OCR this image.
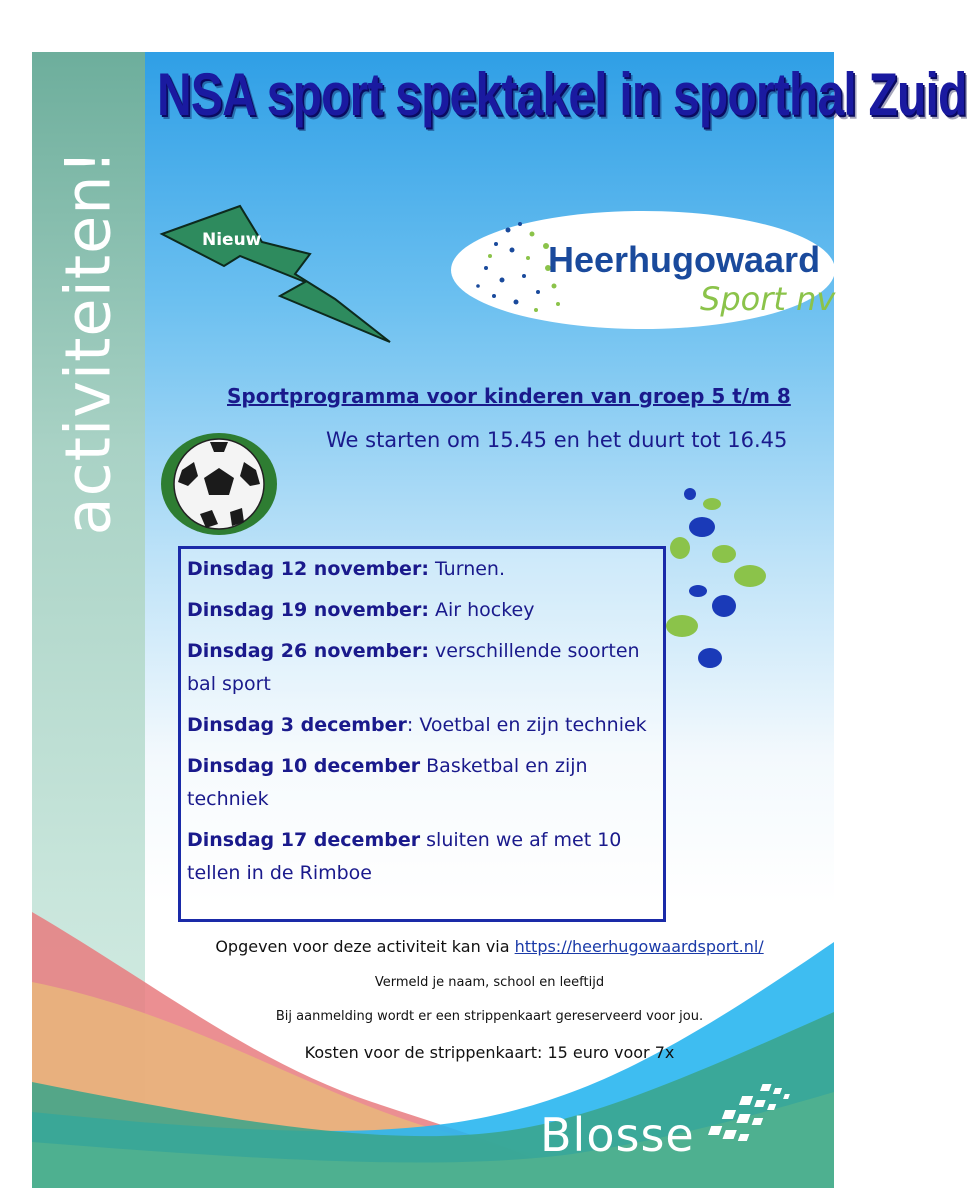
activiteiten!
NSA sport spektakel in sporthal Zuid
Nieuw	Heerhugowaard
Sport nv
Sportprogramma voor kinderen van groep 5 t/m 8
We starten om 15.45 en het duurt tot 16.45
Dinsdag 12 november: Turnen.
Dinsdag 19 november: Air hockey
Dinsdag 26 november: verschillende soorten bal sport
Dinsdag 3 december: Voetbal en zijn techniek
Dinsdag 10 december Basketbal en zijn techniek
Dinsdag 17 december sluiten we af met 10 tellen in de Rimboe
Blosse
Opgeven voor deze activiteit kan via https://heerhugowaardsport.nl/
Vermeld je naam, school en leeftijd
Bij aanmelding wordt er een strippenkaart gereserveerd voor jou.
Kosten voor de strippenkaart: 15 euro voor 7x
